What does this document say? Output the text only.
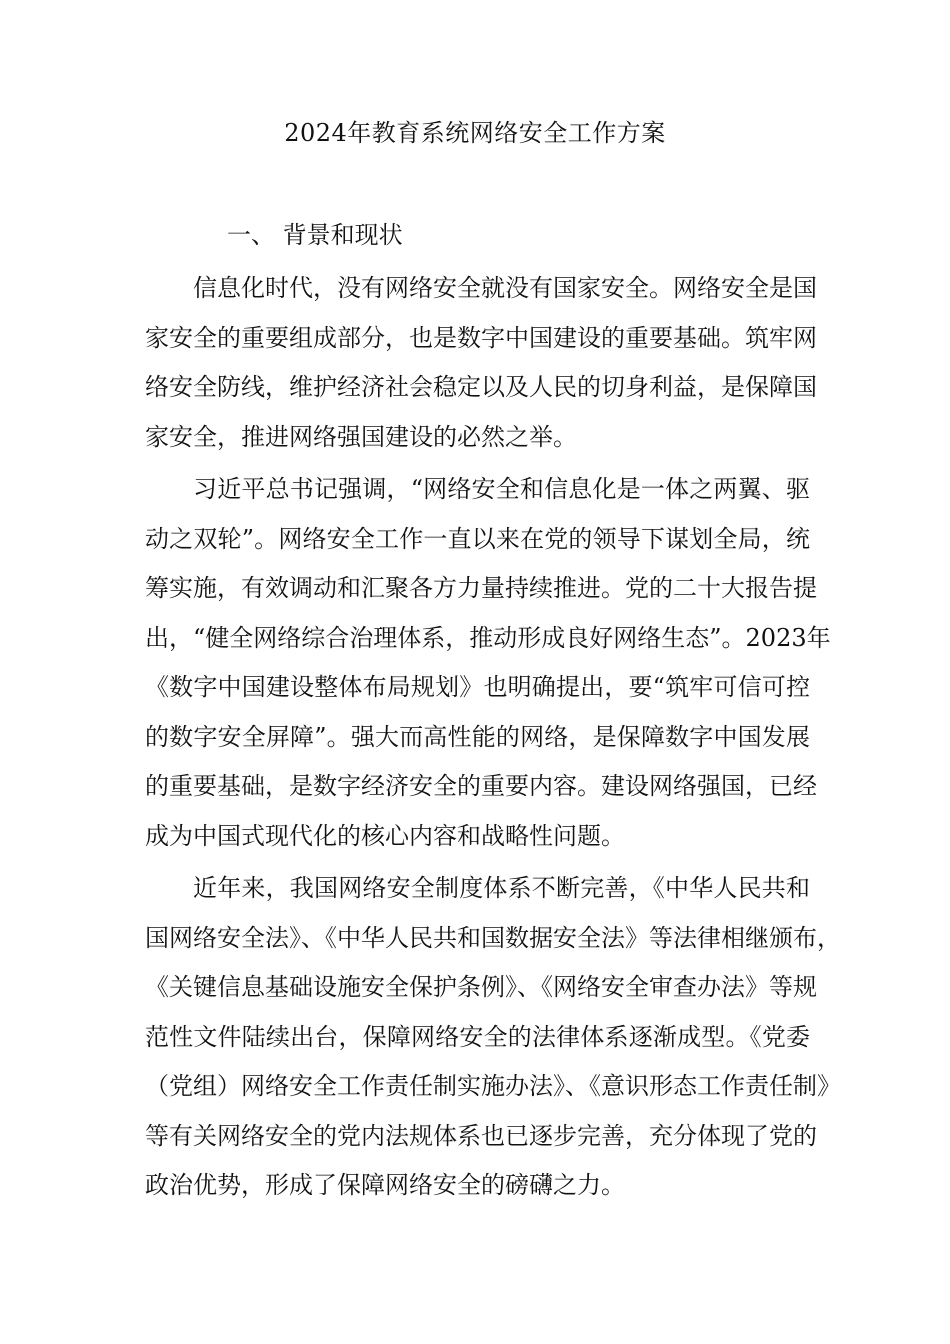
2024年教育系统网络安全工作方案
一、 背景和现状

信息化时代，没有网络安全就没有国家安全。网络安全是国
家安全的重要组成部分，也是数字中国建设的重要基础。筑牢网
络安全防线，维护经济社会稳定以及人民的切身利益，是保障国
家安全，推进网络强国建设的必然之举。

习近平总书记强调，“网络安全和信息化是一体之两翼、驱
动之双轮”。网络安全工作一直以来在党的领导下谋划全局，统
筹实施，有效调动和汇聚各方力量持续推进。党的二十大报告提
出，“健全网络综合治理体系，推动形成良好网络生态”。2023年
《数字中国建设整体布局规划》也明确提出，要“筑牢可信可控
的数字安全屏障”。强大而高性能的网络，是保障数字中国发展
的重要基础，是数字经济安全的重要内容。建设网络强国，已经
成为中国式现代化的核心内容和战略性问题。

近年来，我国网络安全制度体系不断完善，《中华人民共和
国网络安全法》、《中华人民共和国数据安全法》等法律相继颁布，
《关键信息基础设施安全保护条例》、《网络安全审查办法》等规
范性文件陆续出台，保障网络安全的法律体系逐渐成型。《党委
（党组）网络安全工作责任制实施办法》、《意识形态工作责任制》
等有关网络安全的党内法规体系也已逐步完善，充分体现了党的
政治优势，形成了保障网络安全的磅礴之力。
